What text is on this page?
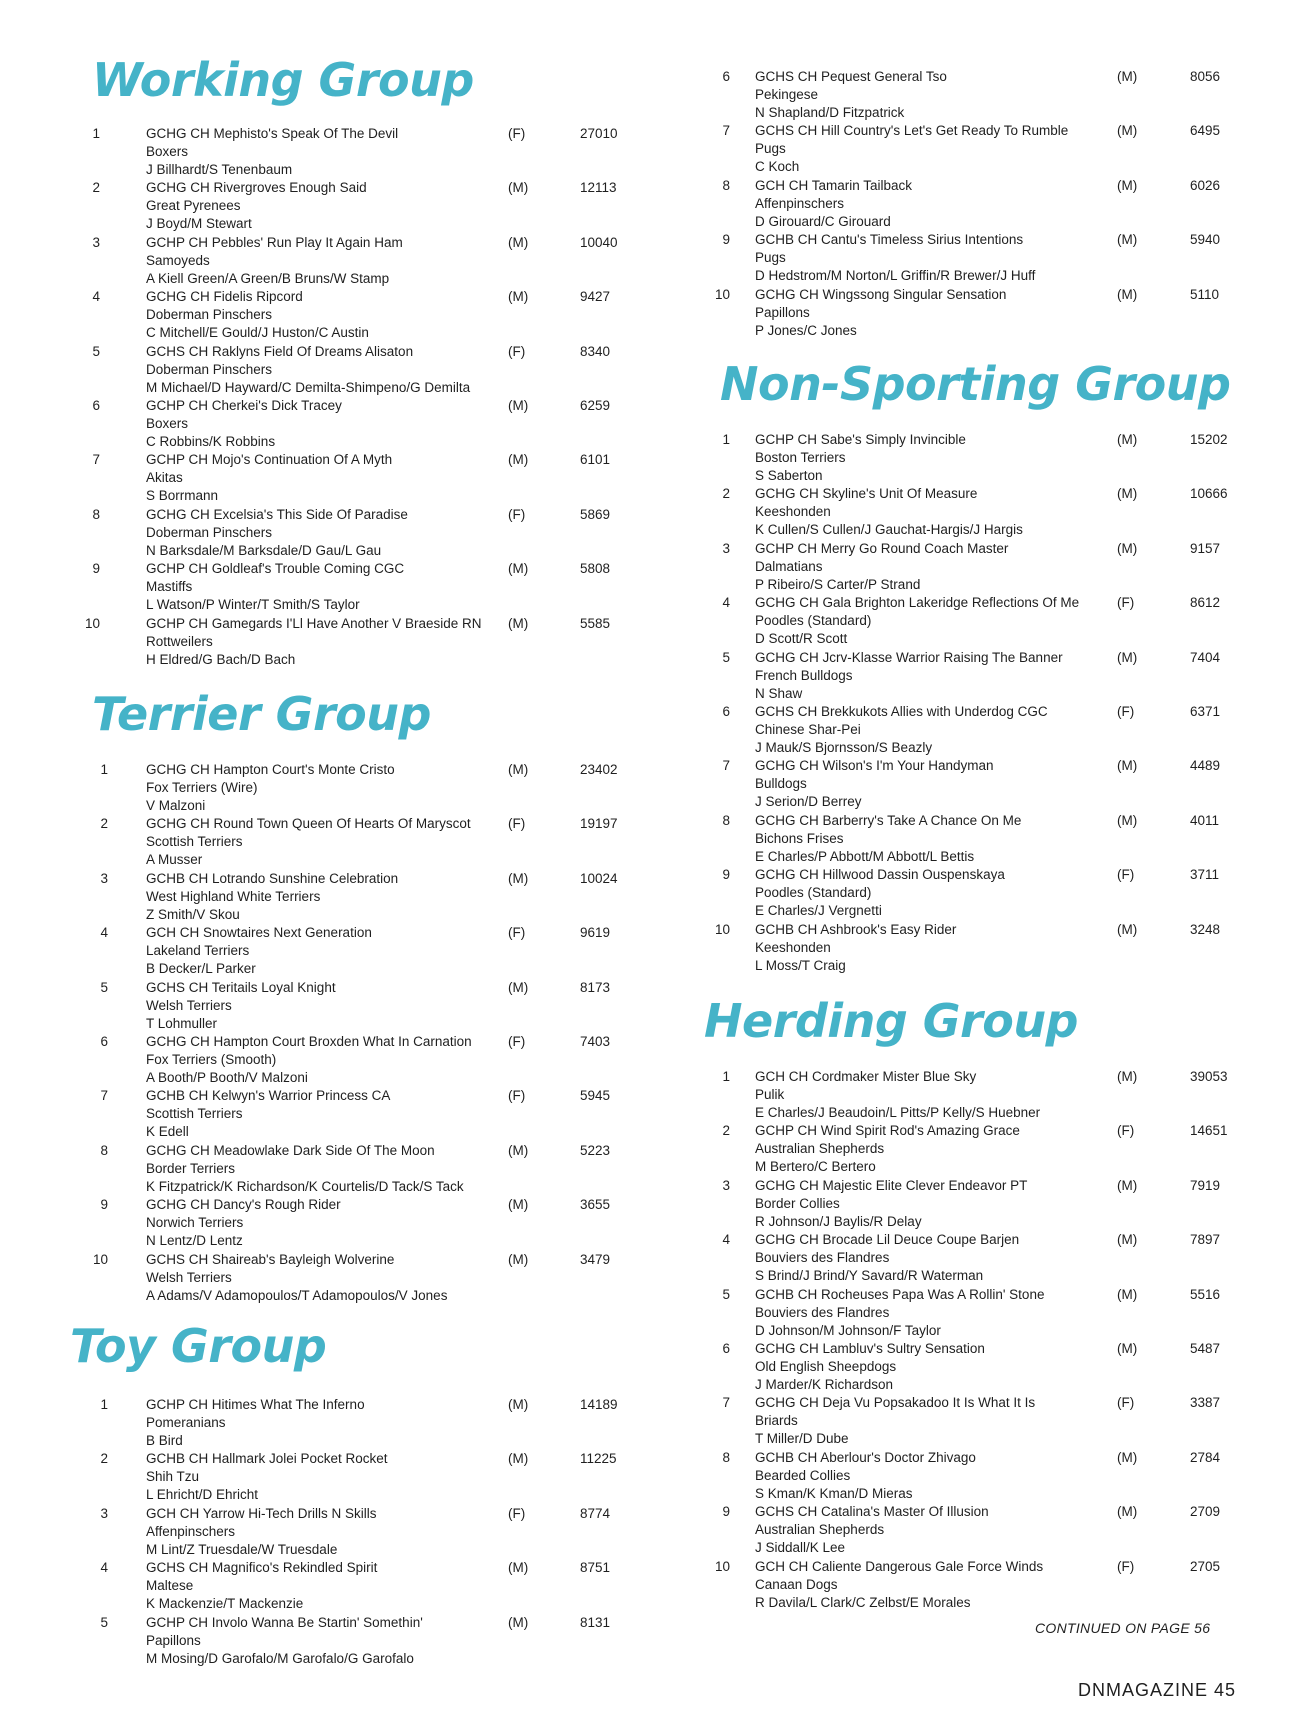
Working Group
1	GCHG CH Mephisto's Speak Of The Devil
Boxers
J Billhardt/S Tenenbaum
(F)	27010
2	GCHG CH Rivergroves Enough Said
Great Pyrenees
J Boyd/M Stewart
(M)	12113
3	GCHP CH Pebbles' Run Play It Again Ham
Samoyeds
A Kiell Green/A Green/B Bruns/W Stamp
(M)	10040
4	GCHG CH Fidelis Ripcord
Doberman Pinschers
C Mitchell/E Gould/J Huston/C Austin
(M)	9427
5	GCHS CH Raklyns Field Of Dreams Alisaton
Doberman Pinschers
M Michael/D Hayward/C Demilta-Shimpeno/G Demilta
(F)	8340
6	GCHP CH Cherkei's Dick Tracey
Boxers
C Robbins/K Robbins
(M)	6259
7	GCHP CH Mojo's Continuation Of A Myth
Akitas
S Borrmann
(M)	6101
8	GCHG CH Excelsia's This Side Of Paradise
Doberman Pinschers
N Barksdale/M Barksdale/D Gau/L Gau
(F)	5869
9	GCHP CH Goldleaf's Trouble Coming CGC
Mastiffs
L Watson/P Winter/T Smith/S Taylor
(M)	5808
10	GCHP CH Gamegards I'Ll Have Another V Braeside RN
Rottweilers
H Eldred/G Bach/D Bach
(M)	5585
Terrier Group
1	GCHG CH Hampton Court's Monte Cristo
Fox Terriers (Wire)
V Malzoni
(M)	23402
2	GCHG CH Round Town Queen Of Hearts Of Maryscot
Scottish Terriers
A Musser
(F)	19197
3	GCHB CH Lotrando Sunshine Celebration
West Highland White Terriers
Z Smith/V Skou
(M)	10024
4	GCH CH Snowtaires Next Generation
Lakeland Terriers
B Decker/L Parker
(F)	9619
5	GCHS CH Teritails Loyal Knight
Welsh Terriers
T Lohmuller
(M)	8173
6	GCHG CH Hampton Court Broxden What In Carnation
Fox Terriers (Smooth)
A Booth/P Booth/V Malzoni
(F)	7403
7	GCHB CH Kelwyn's Warrior Princess CA
Scottish Terriers
K Edell
(F)	5945
8	GCHG CH Meadowlake Dark Side Of The Moon
Border Terriers
K Fitzpatrick/K Richardson/K Courtelis/D Tack/S Tack
(M)	5223
9	GCHG CH Dancy's Rough Rider
Norwich Terriers
N Lentz/D Lentz
(M)	3655
10	GCHS CH Shaireab's Bayleigh Wolverine
Welsh Terriers
A Adams/V Adamopoulos/T Adamopoulos/V Jones
(M)	3479
Toy Group
1	GCHP CH Hitimes What The Inferno
Pomeranians
B Bird
(M)	14189
2	GCHB CH Hallmark Jolei Pocket Rocket
Shih Tzu
L Ehricht/D Ehricht
(M)	11225
3	GCH CH Yarrow Hi-Tech Drills N Skills
Affenpinschers
M Lint/Z Truesdale/W Truesdale
(F)	8774
4	GCHS CH Magnifico's Rekindled Spirit
Maltese
K Mackenzie/T Mackenzie
(M)	8751
5	GCHP CH Involo Wanna Be Startin' Somethin'
Papillons
M Mosing/D Garofalo/M Garofalo/G Garofalo
(M)	8131
6 GCHS CH Pequest General Tso
Pekingese
N Shapland/D Fitzpatrick
(M)	8056
7 GCHS CH Hill Country's Let's Get Ready To Rumble
Pugs
C Koch
(M)	6495
8 GCH CH Tamarin Tailback
Affenpinschers
D Girouard/C Girouard
(M)	6026
9 GCHB CH Cantu's Timeless Sirius Intentions
Pugs
D Hedstrom/M Norton/L Griffin/R Brewer/J Huff
(M)	5940
10 GCHG CH Wingssong Singular Sensation
Papillons
P Jones/C Jones
(M)	5110
Non-Sporting Group
1 GCHP CH Sabe's Simply Invincible
Boston Terriers
S Saberton
(M)	15202
2 GCHG CH Skyline's Unit Of Measure
Keeshonden
K Cullen/S Cullen/J Gauchat-Hargis/J Hargis
(M)	10666
3 GCHP CH Merry Go Round Coach Master
Dalmatians
P Ribeiro/S Carter/P Strand
(M)	9157
4 GCHG CH Gala Brighton Lakeridge Reflections Of Me
Poodles (Standard)
D Scott/R Scott
(F)	8612
5 GCHG CH Jcrv-Klasse Warrior Raising The Banner
French Bulldogs
N Shaw
(M)	7404
6 GCHS CH Brekkukots Allies with Underdog CGC
Chinese Shar-Pei
J Mauk/S Bjornsson/S Beazly
(F)	6371
7 GCHG CH Wilson's I'm Your Handyman
Bulldogs
J Serion/D Berrey
(M)	4489
8 GCHG CH Barberry's Take A Chance On Me
Bichons Frises
E Charles/P Abbott/M Abbott/L Bettis
(M)	4011
9 GCHG CH Hillwood Dassin Ouspenskaya
Poodles (Standard)
E Charles/J Vergnetti
(F)	3711
10 GCHB CH Ashbrook's Easy Rider
Keeshonden
L Moss/T Craig
(M)	3248
Herding Group
1 GCH CH Cordmaker Mister Blue Sky
Pulik
E Charles/J Beaudoin/L Pitts/P Kelly/S Huebner
(M)	39053
2 GCHP CH Wind Spirit Rod's Amazing Grace
Australian Shepherds
M Bertero/C Bertero
(F)	14651
3 GCHG CH Majestic Elite Clever Endeavor PT
Border Collies
R Johnson/J Baylis/R Delay
(M)	7919
4 GCHG CH Brocade Lil Deuce Coupe Barjen
Bouviers des Flandres
S Brind/J Brind/Y Savard/R Waterman
(M)	7897
5 GCHB CH Rocheuses Papa Was A Rollin' Stone
Bouviers des Flandres
D Johnson/M Johnson/F Taylor
(M)	5516
6 GCHG CH Lambluv's Sultry Sensation
Old English Sheepdogs
J Marder/K Richardson
(M)	5487
7 GCHG CH Deja Vu Popsakadoo It Is What It Is
Briards
T Miller/D Dube
(F)	3387
8 GCHB CH Aberlour's Doctor Zhivago
Bearded Collies
S Kman/K Kman/D Mieras
(M)	2784
9 GCHS CH Catalina's Master Of Illusion
Australian Shepherds
J Siddall/K Lee
(M)	2709
10 GCH CH Caliente Dangerous Gale Force Winds
Canaan Dogs
R Davila/L Clark/C Zelbst/E Morales
(F)	2705
CONTINUED ON PAGE 56
DNMAGAZINE 45
